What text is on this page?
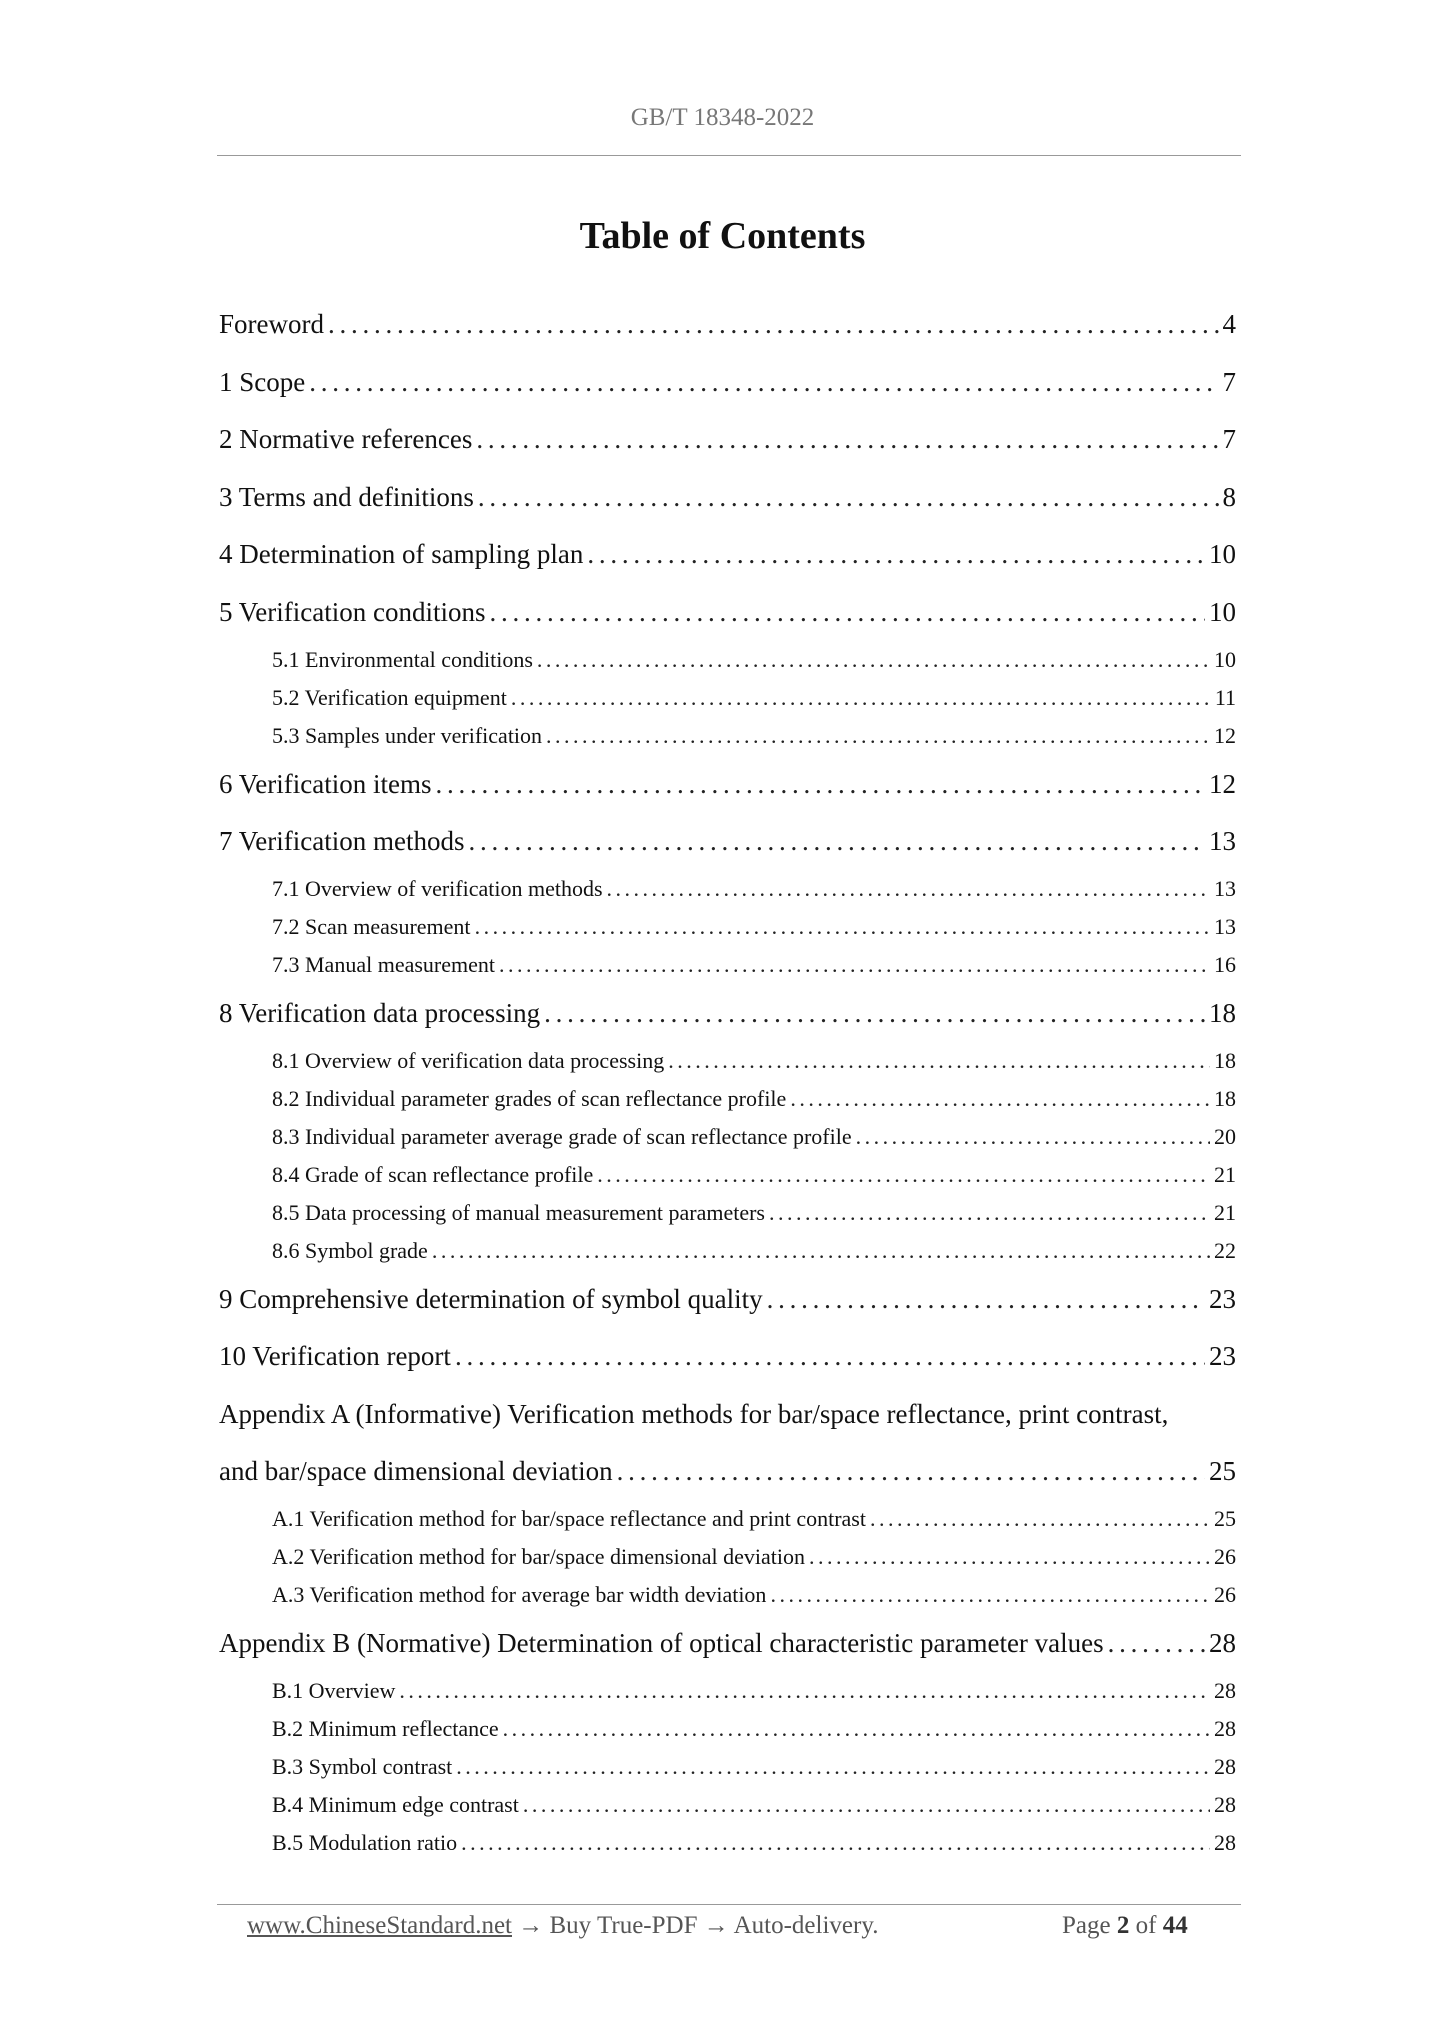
GB/T 18348-2022
Table of Contents
Foreword . . .	4
1 Scope . . .	7
2 Normative references . . .	7
3 Terms and definitions . . .	8
4 Determination of sampling plan . . .	10
5 Verification conditions . . .	10
5.1 Environmental conditions . . .	10
5.2 Verification equipment . . .	11
5.3 Samples under verification . . .	12
6 Verification items . . .	12
7 Verification methods . . .	13
7.1 Overview of verification methods . . .	13
7.2 Scan measurement . . .	13
7.3 Manual measurement . . .	16
8 Verification data processing . . .	18
8.1 Overview of verification data processing . . .	18
8.2 Individual parameter grades of scan reflectance profile . . .	18
8.3 Individual parameter average grade of scan reflectance profile . . .	20
8.4 Grade of scan reflectance profile . . .	21
8.5 Data processing of manual measurement parameters . . .	21
8.6 Symbol grade . . .	22
9 Comprehensive determination of symbol quality . . .	23
10 Verification report . . .	23
Appendix A (Informative) Verification methods for bar/space reflectance, print contrast,
and bar/space dimensional deviation . . .	25
A.1 Verification method for bar/space reflectance and print contrast . . .	25
A.2 Verification method for bar/space dimensional deviation . . .	26
A.3 Verification method for average bar width deviation . . .	26
Appendix B (Normative) Determination of optical characteristic parameter values . . .	28
B.1 Overview . . .	28
B.2 Minimum reflectance . . .	28
B.3 Symbol contrast . . .	28
B.4 Minimum edge contrast . . .	28
B.5 Modulation ratio . . .	28
www.ChineseStandard.net → Buy True-PDF → Auto-delivery.	Page 2 of 44
